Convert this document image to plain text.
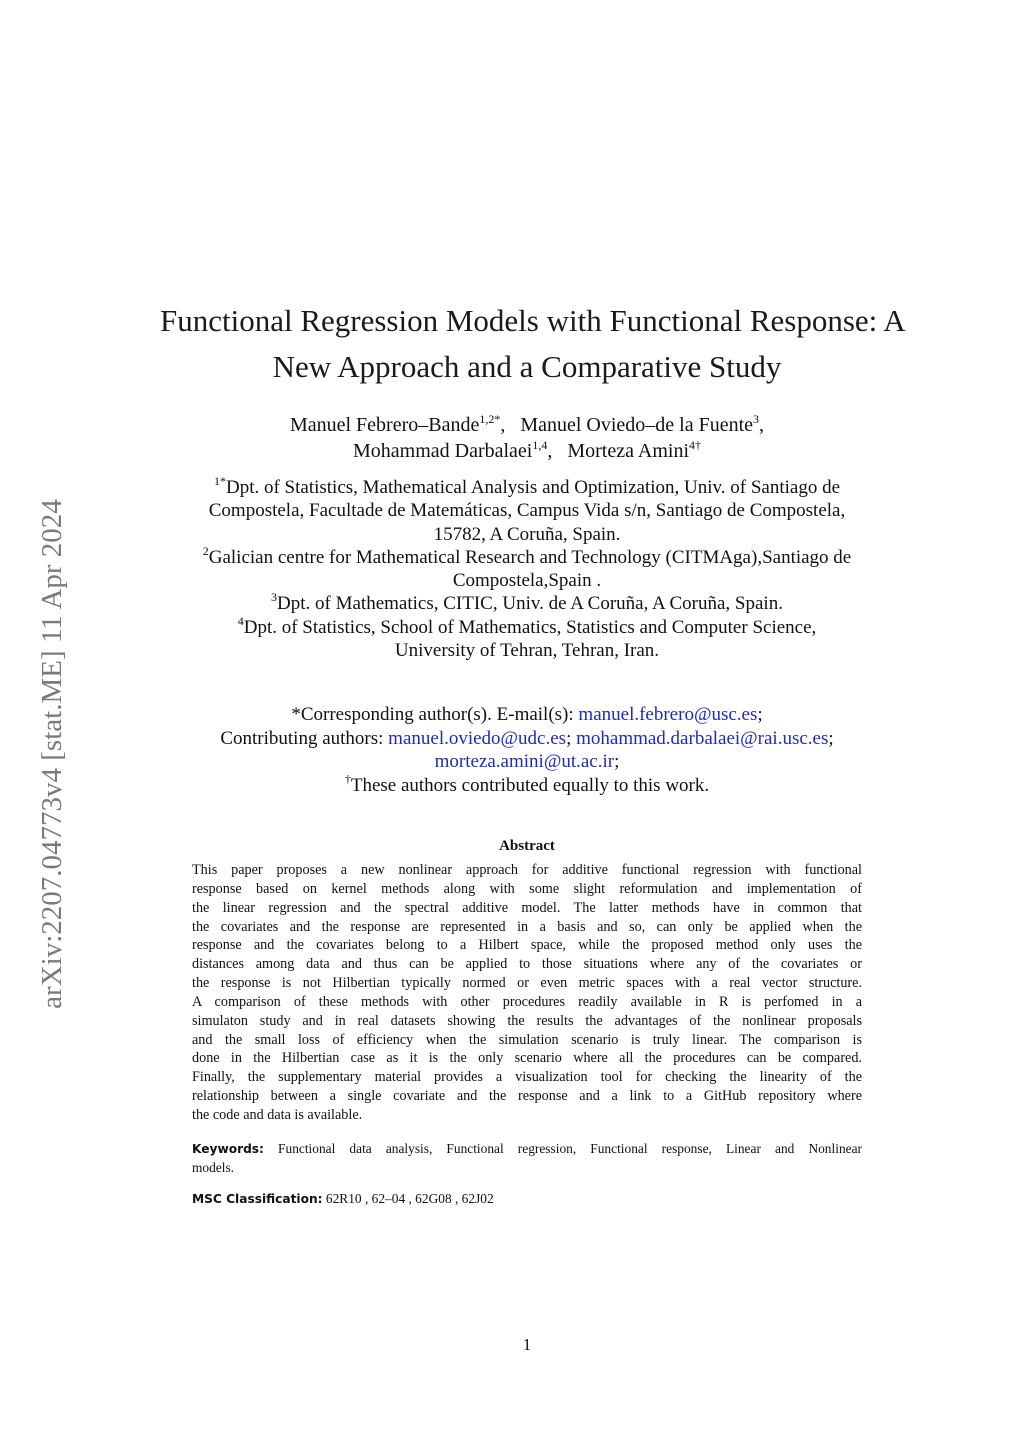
arXiv:2207.04773v4 [stat.ME] 11 Apr 2024
Functional Regression Models with Functional Response: A
New Approach and a Comparative Study
Manuel Febrero–Bande$^{1,2*}$,   Manuel Oviedo–de la Fuente$^3$,
Mohammad Darbalaei$^{1,4}$,   Morteza Amini$^{4\dagger}$
$^{1*}$Dpt. of Statistics, Mathematical Analysis and Optimization, Univ. of Santiago de
Compostela, Facultade de Matemáticas, Campus Vida s/n, Santiago de Compostela,
15782, A Coruña, Spain.
$^2$Galician centre for Mathematical Research and Technology (CITMAga),Santiago de
Compostela,Spain .
$^3$Dpt. of Mathematics, CITIC, Univ. de A Coruña, A Coruña, Spain.
$^4$Dpt. of Statistics, School of Mathematics, Statistics and Computer Science,
University of Tehran, Tehran, Iran.
*Corresponding author(s). E-mail(s): manuel.febrero@usc.es;
Contributing authors: manuel.oviedo@udc.es; mohammad.darbalaei@rai.usc.es;
morteza.amini@ut.ac.ir;
†These authors contributed equally to this work.
Abstract
This paper proposes a new nonlinear approach for additive functional regression with functional
response based on kernel methods along with some slight reformulation and implementation of
the linear regression and the spectral additive model. The latter methods have in common that
the covariates and the response are represented in a basis and so, can only be applied when the
response and the covariates belong to a Hilbert space, while the proposed method only uses the
distances among data and thus can be applied to those situations where any of the covariates or
the response is not Hilbertian typically normed or even metric spaces with a real vector structure.
A comparison of these methods with other procedures readily available in R is perfomed in a
simulaton study and in real datasets showing the results the advantages of the nonlinear proposals
and the small loss of efficiency when the simulation scenario is truly linear. The comparison is
done in the Hilbertian case as it is the only scenario where all the procedures can be compared.
Finally, the supplementary material provides a visualization tool for checking the linearity of the
relationship between a single covariate and the response and a link to a GitHub repository where
the code and data is available.
Keywords: Functional data analysis, Functional regression, Functional response, Linear and Nonlinear
models.
MSC Classification: 62R10 , 62–04 , 62G08 , 62J02
1
